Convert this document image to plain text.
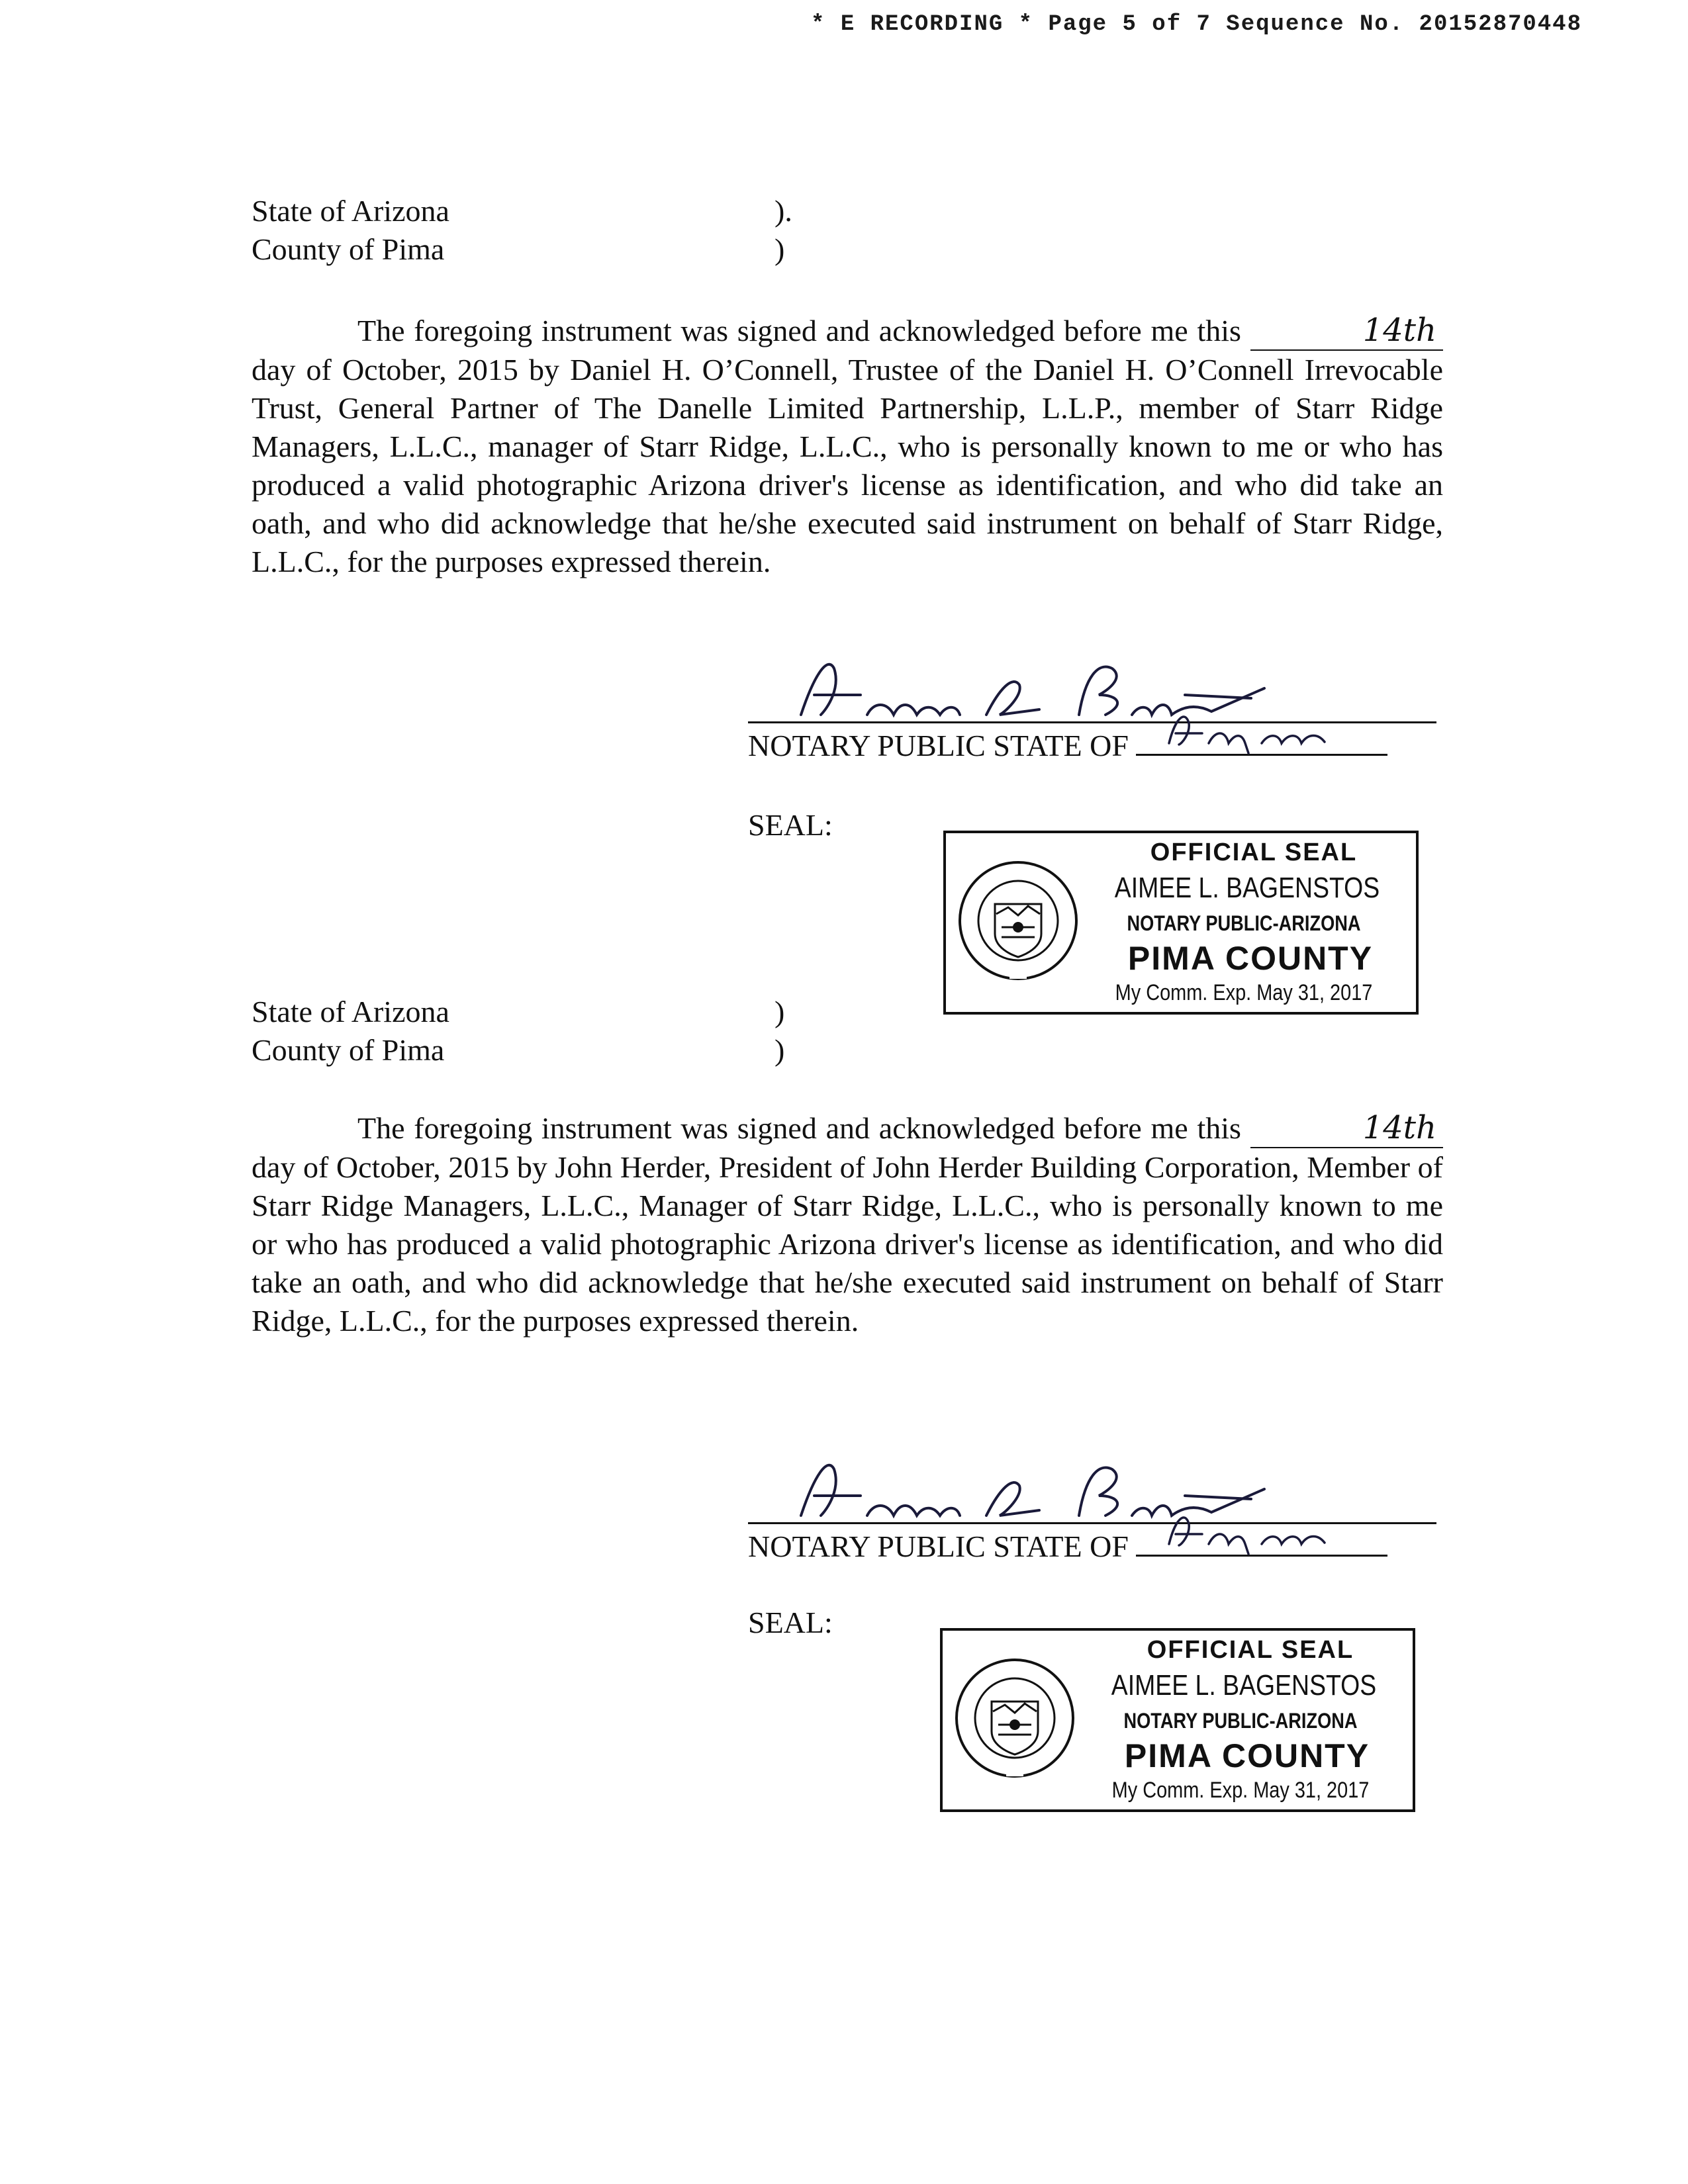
* E RECORDING * Page 5 of 7 Sequence No. 20152870448
State of Arizona	).
County of Pima	)
The foregoing instrument was signed and acknowledged before me this	14th day of October, 2015 by Daniel H. O’Connell, Trustee of the Daniel H. O’Connell Irrevocable Trust, General Partner of The Danelle Limited Partnership, L.L.P., member of Starr Ridge Managers, L.L.C., manager of Starr Ridge, L.L.C., who is personally known to me or who has produced a valid photographic Arizona driver's license as identification, and who did take an oath, and who did acknowledge that he/she executed said instrument on behalf of Starr Ridge, L.L.C., for the purposes expressed therein.
NOTARY PUBLIC STATE OF
SEAL:
OFFICIAL SEAL
AIMEE L. BAGENSTOS
NOTARY PUBLIC-ARIZONA
PIMA COUNTY
My Comm. Exp. May 31, 2017
State of Arizona	)
County of Pima	)
The foregoing instrument was signed and acknowledged before me this	14th day of October, 2015 by John Herder, President of John Herder Building Corporation, Member of Starr Ridge Managers, L.L.C., Manager of Starr Ridge, L.L.C., who is personally known to me or who has produced a valid photographic Arizona driver's license as identification, and who did take an oath, and who did acknowledge that he/she executed said instrument on behalf of Starr Ridge, L.L.C., for the purposes expressed therein.
NOTARY PUBLIC STATE OF
SEAL:
OFFICIAL SEAL
AIMEE L. BAGENSTOS
NOTARY PUBLIC-ARIZONA
PIMA COUNTY
My Comm. Exp. May 31, 2017
